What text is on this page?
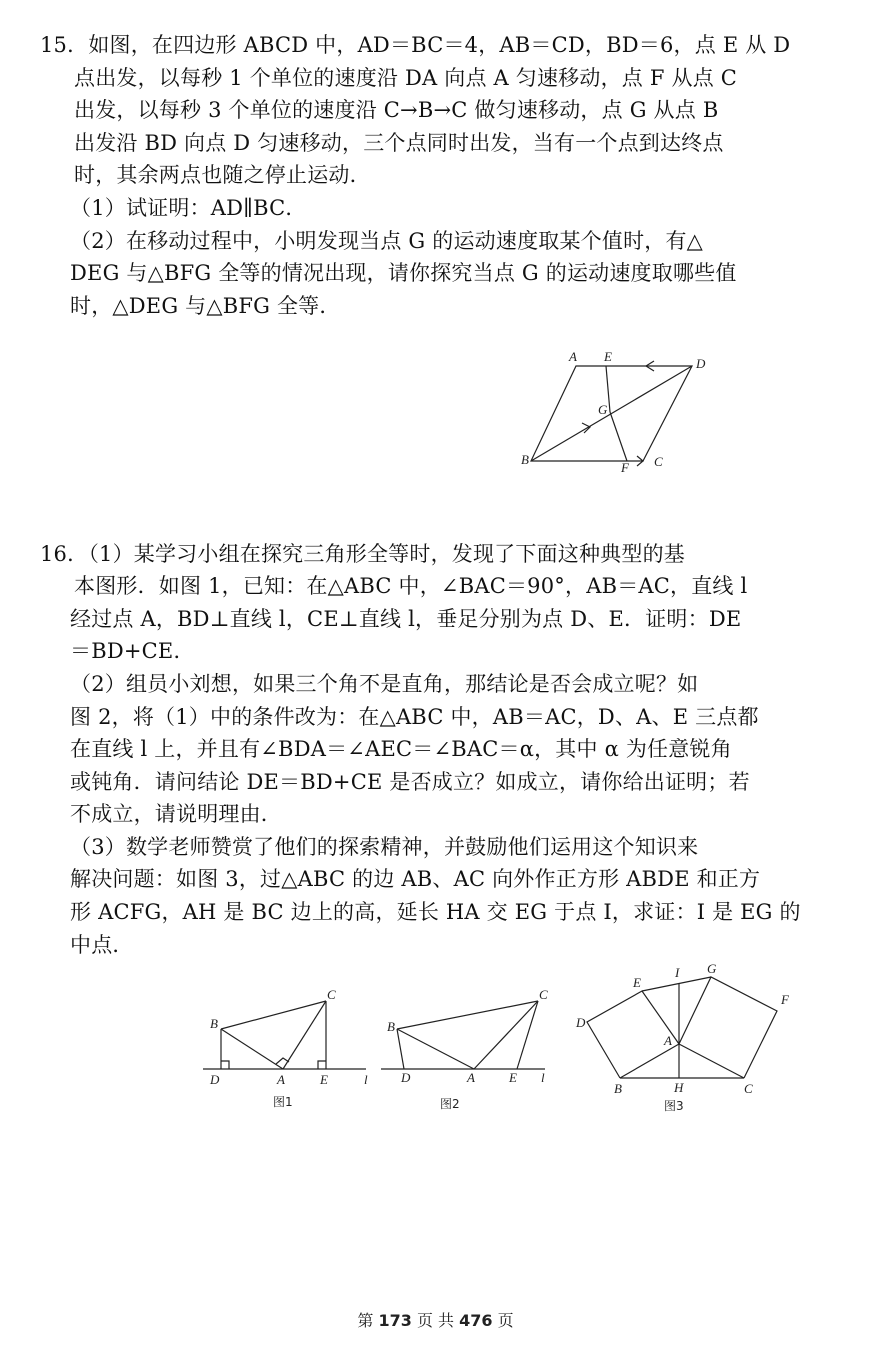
15．如图，在四边形 ABCD 中，AD＝BC＝4，AB＝CD，BD＝6，点 E 从 D
点出发，以每秒 1 个单位的速度沿 DA 向点 A 匀速移动，点 F 从点 C
出发，以每秒 3 个单位的速度沿 C→B→C 做匀速移动，点 G 从点 B
出发沿 BD 向点 D 匀速移动，三个点同时出发，当有一个点到达终点
时，其余两点也随之停止运动．
（1）试证明：AD∥BC．
（2）在移动过程中，小明发现当点 G 的运动速度取某个值时，有△
DEG 与△BFG 全等的情况出现，请你探究当点 G 的运动速度取哪些值
时，△DEG 与△BFG 全等．
A E	D
G
B
F C
16．（1）某学习小组在探究三角形全等时，发现了下面这种典型的基
本图形．如图 1，已知：在△ABC 中，∠BAC＝90°，AB＝AC，直线 l
经过点 A，BD⊥直线 l，CE⊥直线 l，垂足分别为点 D、E．证明：DE
＝BD+CE．
（2）组员小刘想，如果三个角不是直角，那结论是否会成立呢？如
图 2，将（1）中的条件改为：在△ABC 中，AB＝AC，D、A、E 三点都
在直线 l 上，并且有∠BDA＝∠AEC＝∠BAC＝α，其中 α 为任意锐角
或钝角．请问结论 DE＝BD+CE 是否成立？如成立，请你给出证明；若
不成立，请说明理由．
（3）数学老师赞赏了他们的探索精神，并鼓励他们运用这个知识来
解决问题：如图 3，过△ABC 的边 AB、AC 向外作正方形 ABDE 和正方
形 ACFG，AH 是 BC 边上的高，延长 HA 交 EG 于点 I，求证：I 是 EG 的
中点．
B
C
D	A	E	l
图1
B
C
D	A	E l
图2
I G
E
F
D
A
B	H	C
图3
第 173 页 共 476 页
